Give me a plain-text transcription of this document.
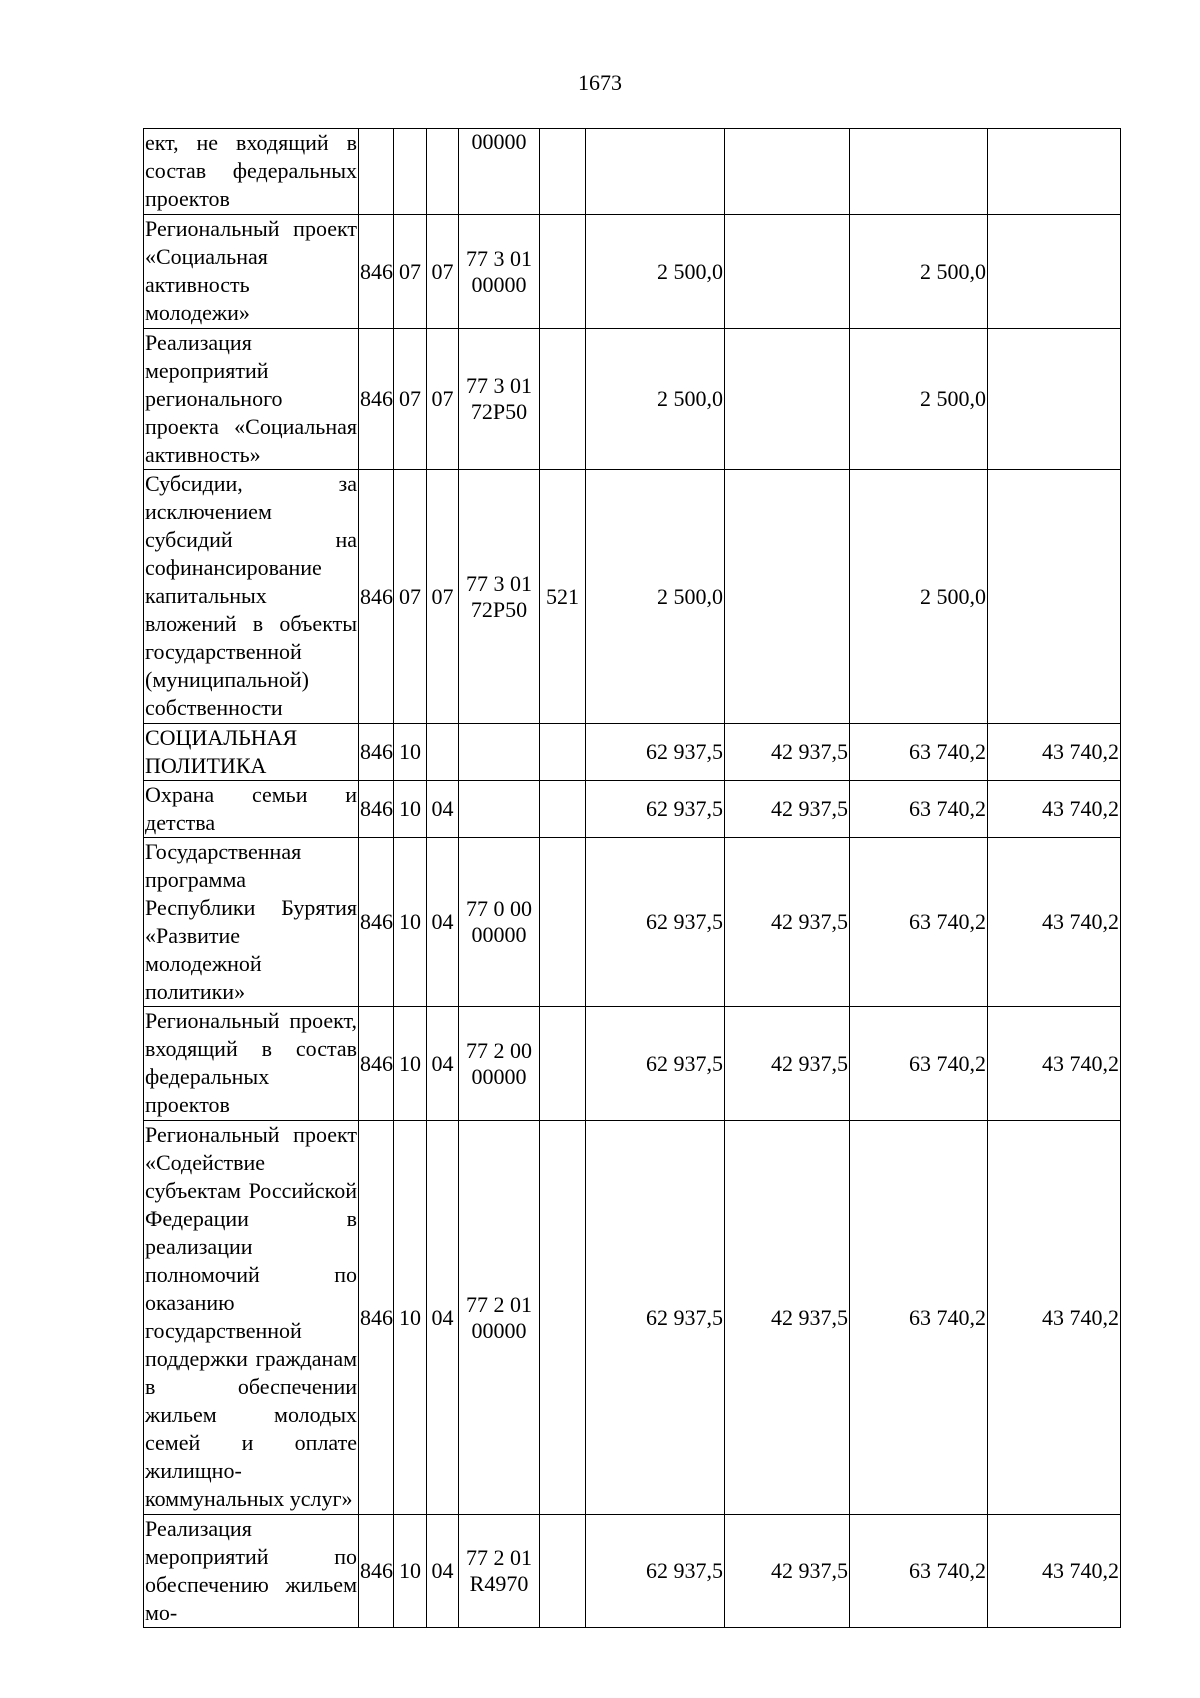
1673
ект, не входящий в состав федеральных проектов				00000					
Региональный проект «Социальная активность молодежи»	846	07	07	77 3 01 00000		2 500,0		2 500,0	
Реализация мероприятий регионального проекта «Социальная активность»	846	07	07	77 3 01 72P50		2 500,0		2 500,0	
Субсидии, за исключением субсидий на софинансирование капитальных вложений в объекты государственной (муниципальной) собственности	846	07	07	77 3 01 72P50	521	2 500,0		2 500,0	
СОЦИАЛЬНАЯ ПОЛИТИКА	846	10				62 937,5	42 937,5	63 740,2	43 740,2
Охрана семьи и детства	846	10	04			62 937,5	42 937,5	63 740,2	43 740,2
Государственная программа Республики Бурятия «Развитие молодежной политики»	846	10	04	77 0 00 00000		62 937,5	42 937,5	63 740,2	43 740,2
Региональный проект, входящий в состав федеральных проектов	846	10	04	77 2 00 00000		62 937,5	42 937,5	63 740,2	43 740,2
Региональный проект «Содействие субъектам Российской Федерации в реализации полномочий по оказанию государственной поддержки гражданам в обеспечении жильем молодых семей и оплате жилищно-коммунальных услуг»	846	10	04	77 2 01 00000		62 937,5	42 937,5	63 740,2	43 740,2
Реализация мероприятий по обеспечению жильем мо-	846	10	04	77 2 01 R4970		62 937,5	42 937,5	63 740,2	43 740,2
